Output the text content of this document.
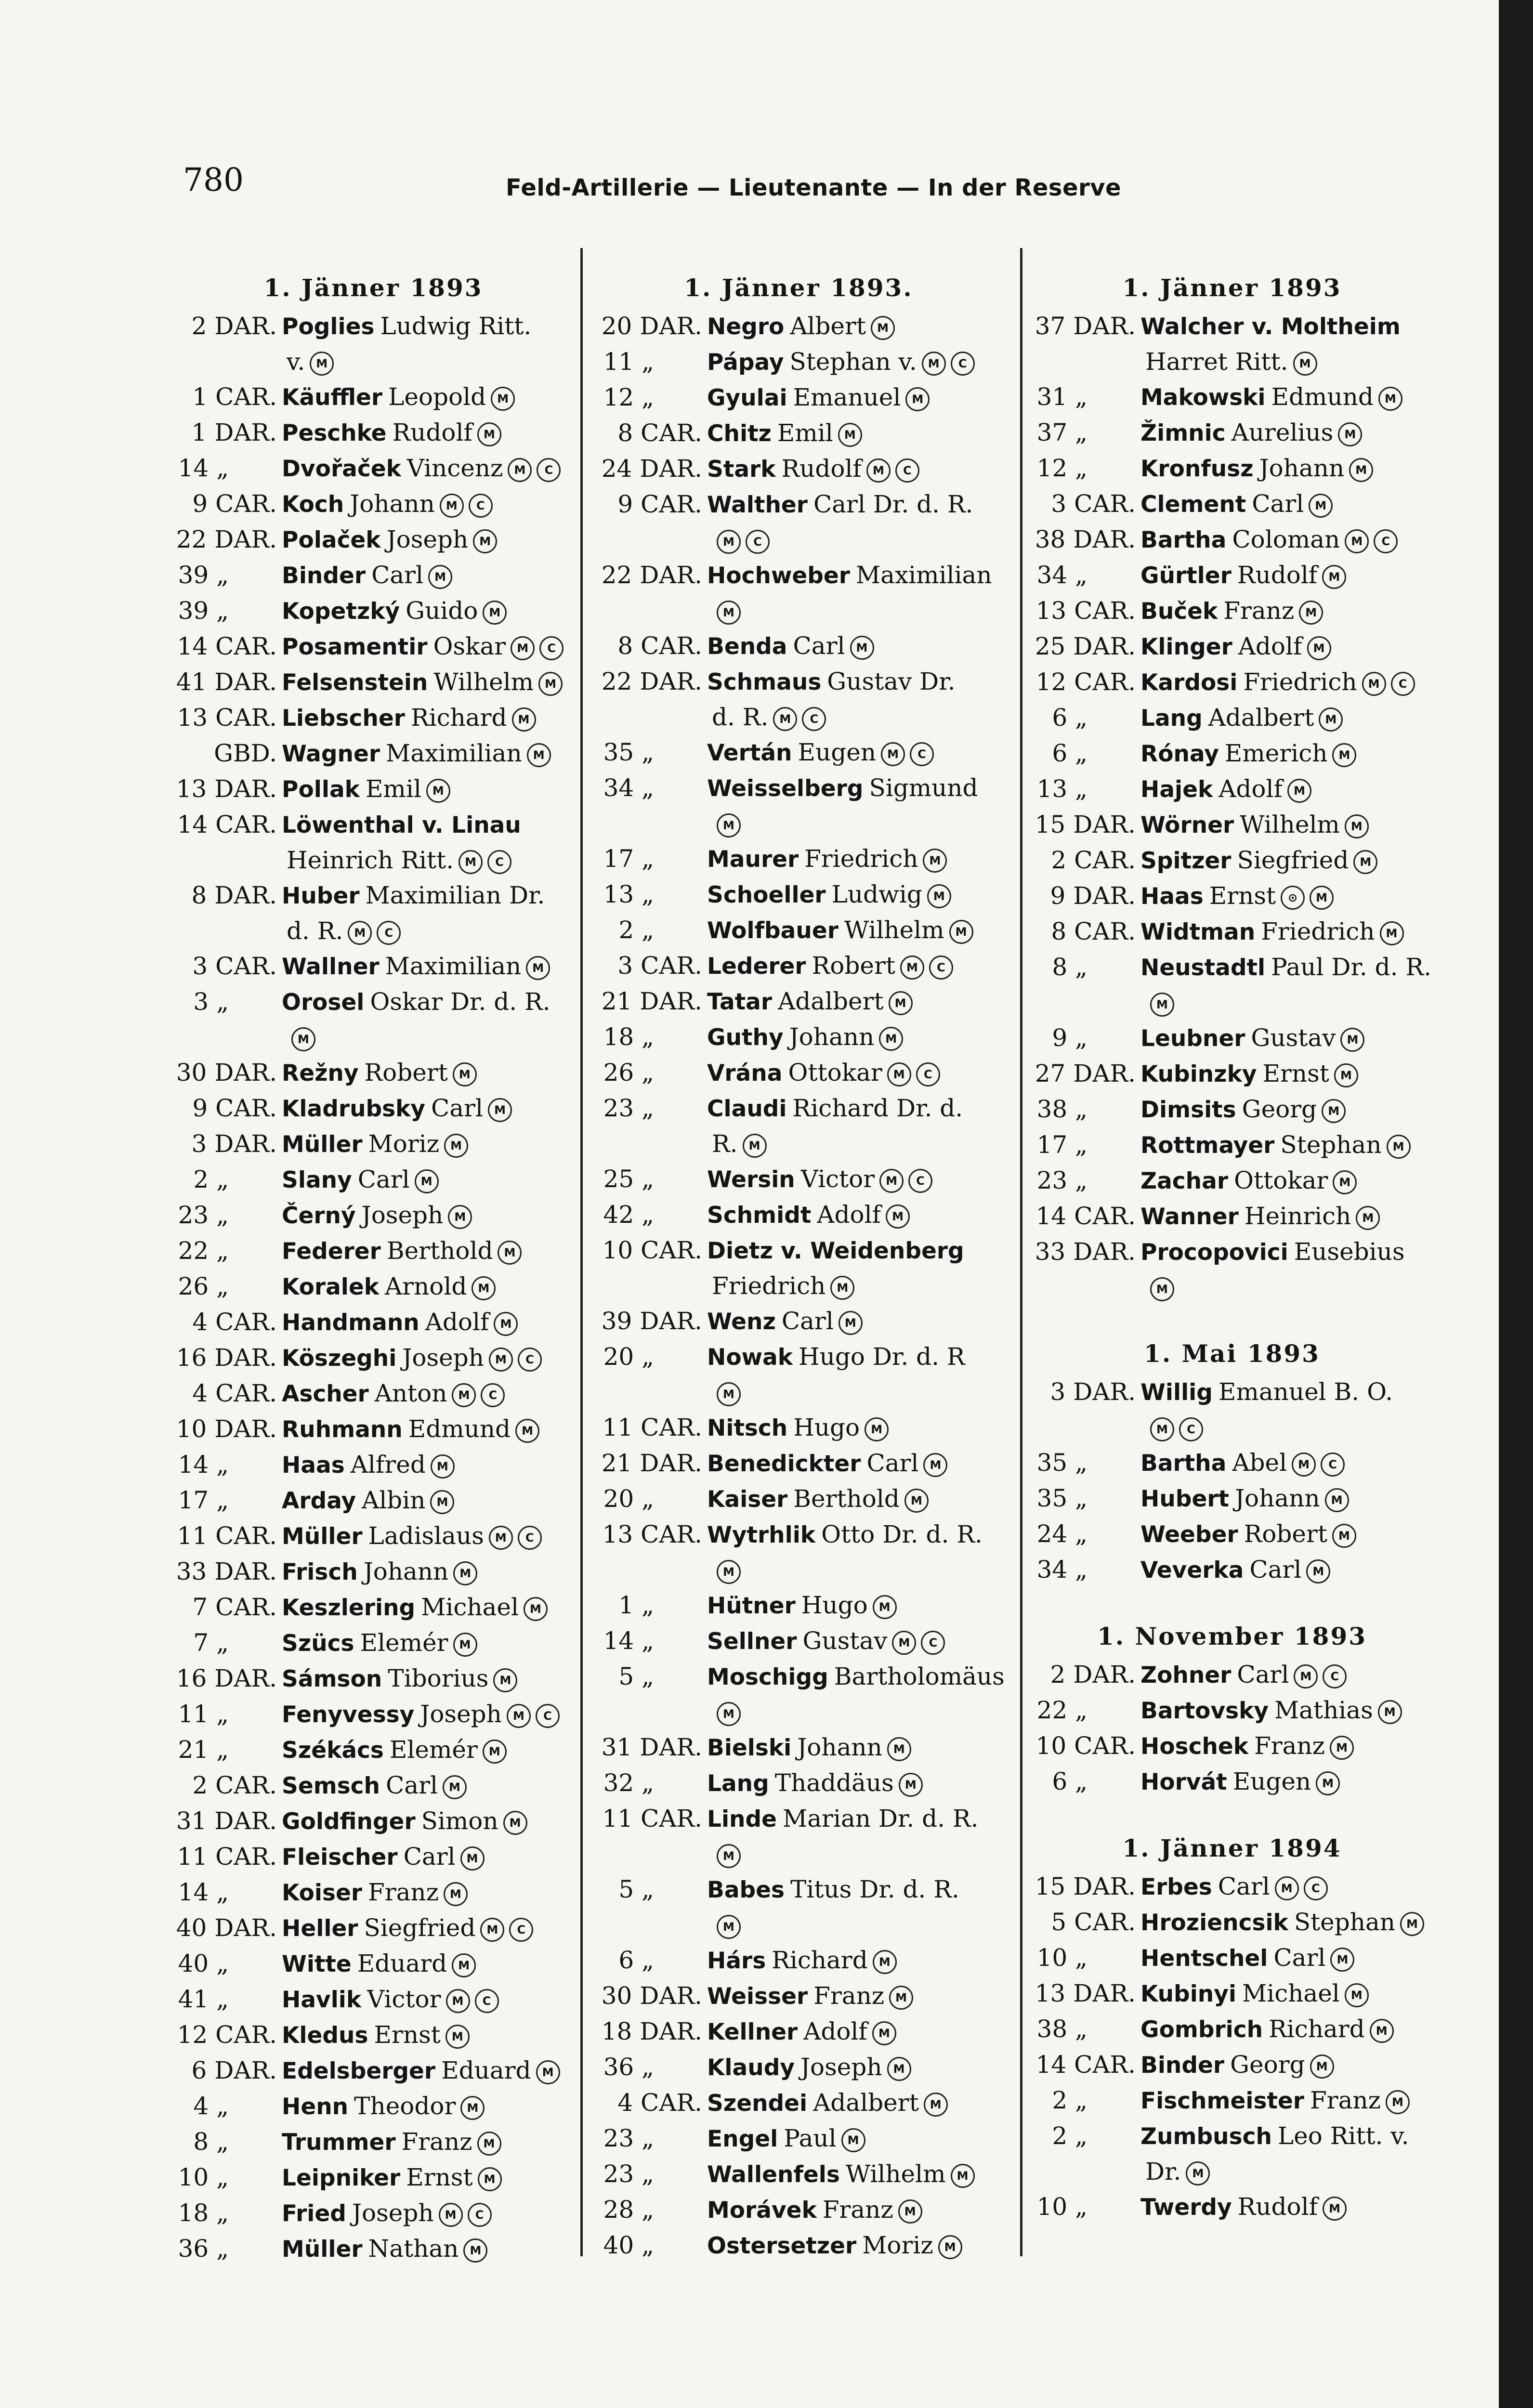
780	Feld-Artillerie — Lieutenante — In der Reserve
1. Jänner 1893
2 DAR. Poglies Ludwig Ritt.
v. M
1 CAR. Käuffler Leopold M
1 DAR. Peschke Rudolf M
14 „ Dvořaček Vincenz M C
9 CAR. Koch Johann M C
22 DAR. Polaček Joseph M
39 „ Binder Carl M
39 „ Kopetzký Guido M
14 CAR. Posamentir Oskar M C
41 DAR. Felsenstein Wilhelm M
13 CAR. Liebscher Richard M
GBD. Wagner Maximilian M
13 DAR. Pollak Emil M
14 CAR. Löwenthal v. Linau
Heinrich Ritt. M C
8 DAR. Huber Maximilian Dr.
d. R. M C
3 CAR. Wallner Maximilian M
3 „ Orosel Oskar Dr. d. R.
M
30 DAR. Režny Robert M
9 CAR. Kladrubsky Carl M
3 DAR. Müller Moriz M
2 „ Slany Carl M
23 „ Černý Joseph M
22 „ Federer Berthold M
26 „ Koralek Arnold M
4 CAR. Handmann Adolf M
16 DAR. Köszeghi Joseph M C
4 CAR. Ascher Anton M C
10 DAR. Ruhmann Edmund M
14 „ Haas Alfred M
17 „ Arday Albin M
11 CAR. Müller Ladislaus M C
33 DAR. Frisch Johann M
7 CAR. Keszlering Michael M
7 „ Szücs Elemér M
16 DAR. Sámson Tiborius M
11 „ Fenyvessy Joseph M C
21 „ Székács Elemér M
2 CAR. Semsch Carl M
31 DAR. Goldfinger Simon M
11 CAR. Fleischer Carl M
14 „ Koiser Franz M
40 DAR. Heller Siegfried M C
40 „ Witte Eduard M
41 „ Havlik Victor M C
12 CAR. Kledus Ernst M
6 DAR. Edelsberger Eduard M
4 „ Henn Theodor M
8 „ Trummer Franz M
10 „ Leipniker Ernst M
18 „ Fried Joseph M C
36 „ Müller Nathan M
1. Jänner 1893.
20 DAR. Negro Albert M
11 „ Pápay Stephan v. M C
12 „ Gyulai Emanuel M
8 CAR. Chitz Emil M
24 DAR. Stark Rudolf M C
9 CAR. Walther Carl Dr. d. R.
M C
22 DAR. Hochweber Maximilian
M
8 CAR. Benda Carl M
22 DAR. Schmaus Gustav Dr.
d. R. M C
35 „ Vertán Eugen M C
34 „ Weisselberg Sigmund
M
17 „ Maurer Friedrich M
13 „ Schoeller Ludwig M
2 „ Wolfbauer Wilhelm M
3 CAR. Lederer Robert M C
21 DAR. Tatar Adalbert M
18 „ Guthy Johann M
26 „ Vrána Ottokar M C
23 „ Claudi Richard Dr. d.
R. M
25 „ Wersin Victor M C
42 „ Schmidt Adolf M
10 CAR. Dietz v. Weidenberg
Friedrich M
39 DAR. Wenz Carl M
20 „ Nowak Hugo Dr. d. R
M
11 CAR. Nitsch Hugo M
21 DAR. Benedickter Carl M
20 „ Kaiser Berthold M
13 CAR. Wytrhlik Otto Dr. d. R.
M
1 „ Hütner Hugo M
14 „ Sellner Gustav M C
5 „ Moschigg Bartholomäus
M
31 DAR. Bielski Johann M
32 „ Lang Thaddäus M
11 CAR. Linde Marian Dr. d. R.
M
5 „ Babes Titus Dr. d. R.
M
6 „ Hárs Richard M
30 DAR. Weisser Franz M
18 DAR. Kellner Adolf M
36 „ Klaudy Joseph M
4 CAR. Szendei Adalbert M
23 „ Engel Paul M
23 „ Wallenfels Wilhelm M
28 „ Morávek Franz M
40 „ Ostersetzer Moriz M
1. Jänner 1893
37 DAR. Walcher v. Moltheim
Harret Ritt. M
31 „ Makowski Edmund M
37 „ Žimnic Aurelius M
12 „ Kronfusz Johann M
3 CAR. Clement Carl M
38 DAR. Bartha Coloman M C
34 „ Gürtler Rudolf M
13 CAR. Buček Franz M
25 DAR. Klinger Adolf M
12 CAR. Kardosi Friedrich M C
6 „ Lang Adalbert M
6 „ Rónay Emerich M
13 „ Hajek Adolf M
15 DAR. Wörner Wilhelm M
2 CAR. Spitzer Siegfried M
9 DAR. Haas Ernst ⊙ M
8 CAR. Widtman Friedrich M
8 „ Neustadtl Paul Dr. d. R.
M
9 „ Leubner Gustav M
27 DAR. Kubinzky Ernst M
38 „ Dimsits Georg M
17 „ Rottmayer Stephan M
23 „ Zachar Ottokar M
14 CAR. Wanner Heinrich M
33 DAR. Procopovici Eusebius
M
1. Mai 1893
3 DAR. Willig Emanuel B. O.
M C
35 „ Bartha Abel M C
35 „ Hubert Johann M
24 „ Weeber Robert M
34 „ Veverka Carl M
1. November 1893
2 DAR. Zohner Carl M C
22 „ Bartovsky Mathias M
10 CAR. Hoschek Franz M
6 „ Horvát Eugen M
1. Jänner 1894
15 DAR. Erbes Carl M C
5 CAR. Hroziencsik Stephan M
10 „ Hentschel Carl M
13 DAR. Kubinyi Michael M
38 „ Gombrich Richard M
14 CAR. Binder Georg M
2 „ Fischmeister Franz M
2 „ Zumbusch Leo Ritt. v.
Dr. M
10 „ Twerdy Rudolf M
